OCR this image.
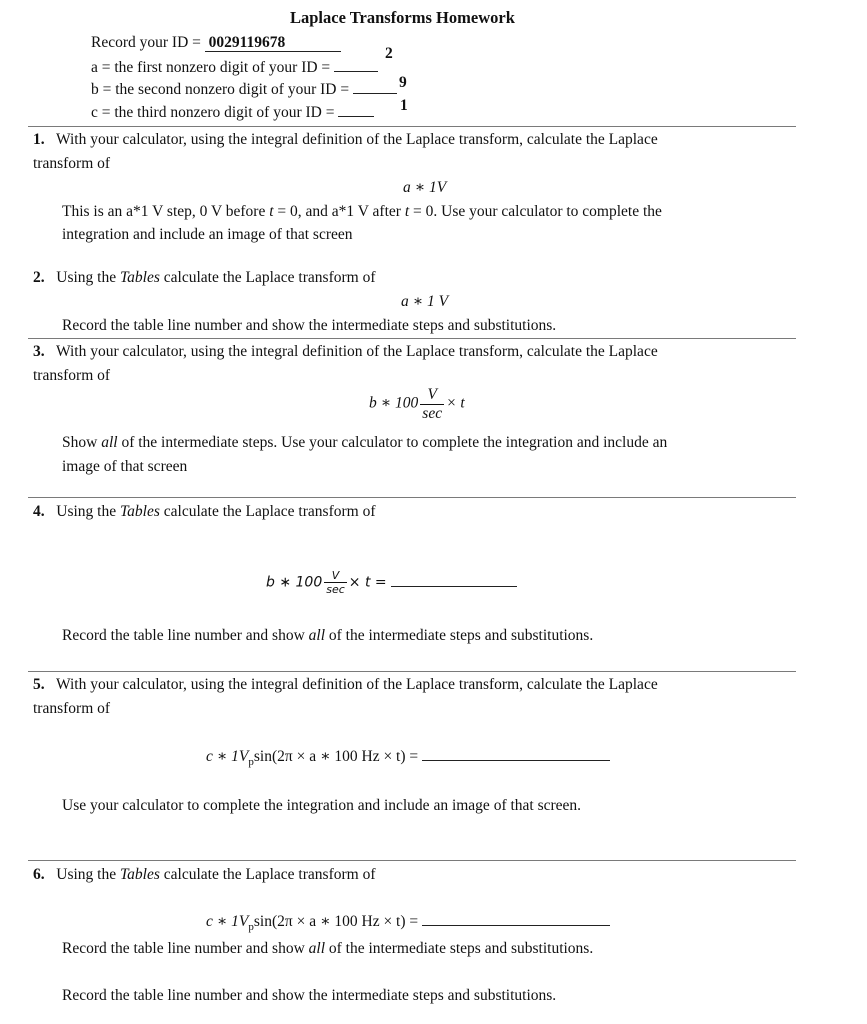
Laplace Transforms Homework
Record your ID = 0029119678
a = the first nonzero digit of your ID =
2
b = the second nonzero digit of your ID =	9
c = the third nonzero digit of your ID =	1
1. With your calculator, using the integral definition of the Laplace transform, calculate the Laplace
transform of
a ∗ 1V
This is an a*1 V step, 0 V before t = 0, and a*1 V after t = 0. Use your calculator to complete the
integration and include an image of that screen
2. Using the Tables calculate the Laplace transform of
a ∗ 1 V
Record the table line number and show the intermediate steps and substitutions.
3. With your calculator, using the integral definition of the Laplace transform, calculate the Laplace
transform of
b ∗ $100 \frac{V}{\sec} \times t$
Show all of the intermediate steps. Use your calculator to complete the integration and include an
image of that screen
4. Using the Tables calculate the Laplace transform of
b ∗ $100 \frac{V}{\sec} \times t$ =
Record the table line number and show all of the intermediate steps and substitutions.
5. With your calculator, using the integral definition of the Laplace transform, calculate the Laplace
transform of
c ∗ $1V_p\sin(2\pi \times a$ ∗ 100 Hz × t) =
Use your calculator to complete the integration and include an image of that screen.
6. Using the Tables calculate the Laplace transform of
c ∗ $1V_p\sin(2\pi \times a$ ∗ 100 Hz × t) =
Record the table line number and show all of the intermediate steps and substitutions.
Record the table line number and show the intermediate steps and substitutions.
